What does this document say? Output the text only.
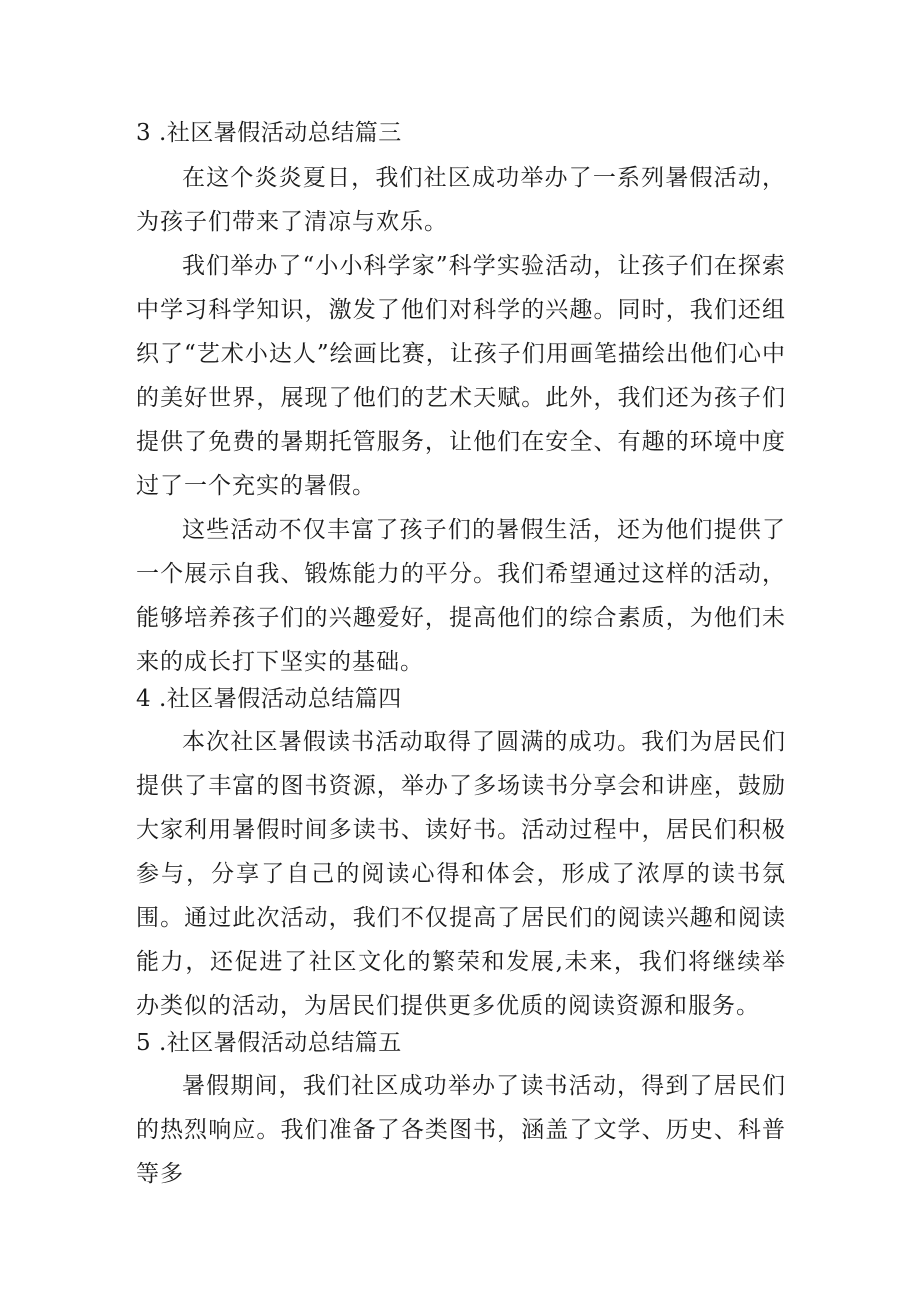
3 .社区暑假活动总结篇三
在这个炎炎夏日，我们社区成功举办了一系列暑假活动，为孩子们带来了清凉与欢乐。
我们举办了“小小科学家”科学实验活动，让孩子们在探索中学习科学知识，激发了他们对科学的兴趣。同时，我们还组织了“艺术小达人”绘画比赛，让孩子们用画笔描绘出他们心中的美好世界，展现了他们的艺术天赋。此外，我们还为孩子们提供了免费的暑期托管服务，让他们在安全、有趣的环境中度过了一个充实的暑假。
这些活动不仅丰富了孩子们的暑假生活，还为他们提供了一个展示自我、锻炼能力的平分。我们希望通过这样的活动，能够培养孩子们的兴趣爱好，提高他们的综合素质，为他们未来的成长打下坚实的基础。
4 .社区暑假活动总结篇四
本次社区暑假读书活动取得了圆满的成功。我们为居民们提供了丰富的图书资源，举办了多场读书分享会和讲座，鼓励大家利用暑假时间多读书、读好书。活动过程中，居民们积极参与，分享了自己的阅读心得和体会，形成了浓厚的读书氛围。通过此次活动，我们不仅提高了居民们的阅读兴趣和阅读能力，还促进了社区文化的繁荣和发展,未来，我们将继续举办类似的活动，为居民们提供更多优质的阅读资源和服务。
5 .社区暑假活动总结篇五
暑假期间，我们社区成功举办了读书活动，得到了居民们的热烈响应。我们准备了各类图书，涵盖了文学、历史、科普等多
